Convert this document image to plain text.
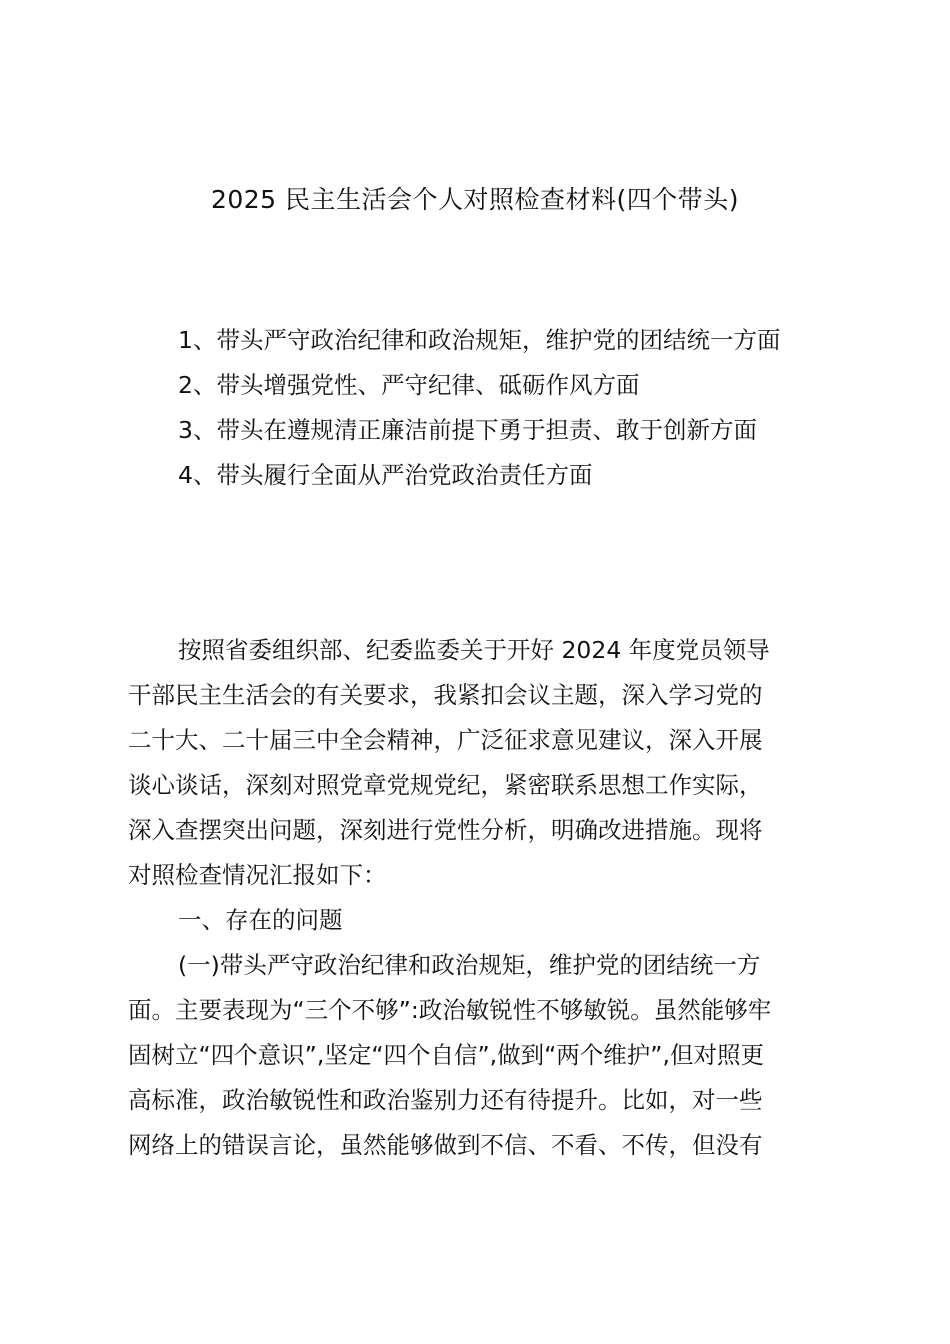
2025 民主生活会个人对照检查材料(四个带头)
1、带头严守政治纪律和政治规矩，维护党的团结统一方面
2、带头增强党性、严守纪律、砥砺作风方面
3、带头在遵规清正廉洁前提下勇于担责、敢于创新方面
4、带头履行全面从严治党政治责任方面
按照省委组织部、纪委监委关于开好 2024 年度党员领导
干部民主生活会的有关要求，我紧扣会议主题，深入学习党的
二十大、二十届三中全会精神，广泛征求意见建议，深入开展
谈心谈话，深刻对照党章党规党纪，紧密联系思想工作实际，
深入查摆突出问题，深刻进行党性分析，明确改进措施。现将
对照检查情况汇报如下：
一、存在的问题
(一)带头严守政治纪律和政治规矩，维护党的团结统一方
面。主要表现为“三个不够”:政治敏锐性不够敏锐。虽然能够牢
固树立“四个意识”,坚定“四个自信”,做到“两个维护”,但对照更
高标准，政治敏锐性和政治鉴别力还有待提升。比如，对一些
网络上的错误言论，虽然能够做到不信、不看、不传，但没有
